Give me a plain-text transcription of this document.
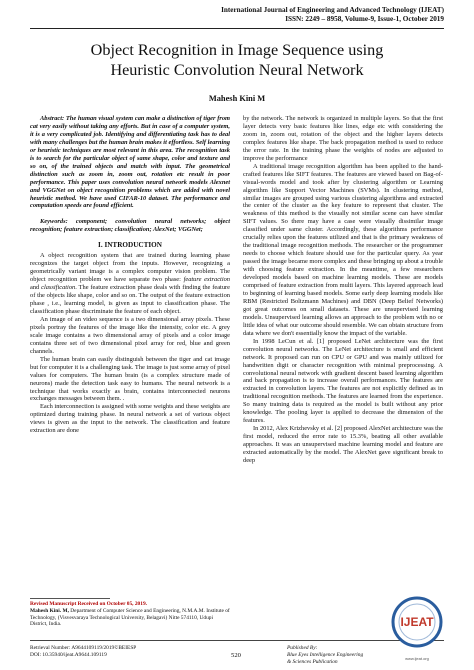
International Journal of Engineering and Advanced Technology (IJEAT)
ISSN: 2249 – 8958, Volume-9, Issue-1, October 2019
Object Recognition in Image Sequence using
Heuristic Convolution Neural Network
Mahesh Kini M

Abstract: The human visual system can make a distinction of tiger from cat very easily without taking any efforts. But in case of a computer system, it is a very complicated job. Identifying and differentiating task has to deal with many challenges but the human brain makes it effortless. Self learning or heuristic techniques are most relevant in this area. The recognition task is to search for the particular object of same shape, color and texture and so on, of the trained objects and match with input. The geometrical distinction such as zoom in, zoom out, rotation etc result in poor performance. This paper uses convolution neural network models Alexnet and VGGNet on object recognition problems which are added with novel heuristic method. We have used CIFAR-10 dataset. The performance and computation speeds are found efficient.

Keywords: component; convolution neural networks; object recognition; feature extraction; classification; AlexNet; VGGNet;

I. INTRODUCTION

A object recognition system that are trained during learning phase recognizes the target object from the inputs. However, recognizing a geometrically variant image is a complex computer vision problem. The object recognition problem we have separate two phase: feature extraction and classification. The feature extraction phase deals with finding the feature of the objects like shape, color and so on. The output of the feature extraction phase , i.e., learning model, is given as input to classification phase. The classification phase discriminate the feature of each object.

An image of an video sequence is a two dimensional array pixels. These pixels portray the features of the image like the intensity, color etc. A grey scale image contains a two dimensional array of pixels and a color image contains three set of two dimensional pixel array for red, blue and green channels.

The human brain can easily distinguish between the tiger and cat image but for computer it is a challenging task. The image is just some array of pixel values for computers. The human brain (is a complex structure made of neurons) made the detection task easy to humans. The neural network is a technique that works exactly as brain, contains interconnected neurons exchanges messages between them. .

Each interconnection is assigned with some weights and these weights are optimized during training phase. In neural network a set of various object views is given as the input to the network. The classification and feature extraction are done

by the network. The network is organized in multiple layers. So that the first layer detects very basic features like lines, edge etc with considering the zoom in, zoom out, rotation of the object and the higher layers detects complex features like shape. The back propagation method is used to reduce the error rate. In the training phase the weights of nodes are adjusted to improve the performance

A traditional image recognition algorithm has been applied to the hand-crafted features like SIFT features. The features are viewed based on Bag-of-visual-words model and took after by clustering algorithm or Learning algorithm like Support Vector Machines (SVMs). In clustering method, similar images are grouped using various clustering algorithms and extracted the center of the cluster as the key feature to represent that cluster. The weakness of this method is the visually not similar scene can have similar SIFT values. So there may have a case were visually dissimilar image classified under same cluster. Accordingly, these algorithms performance crucially relies upon the features utilized and that is the primary weakness of the traditional image recognition methods. The researcher or the programmer needs to choose which feature should use for the particular query. As year passed the image became more complex and these bringing up about a trouble with choosing feature extraction. In the meantime, a few researchers developed models based on machine learning models. These are models comprised of feature extraction from multi layers. This layered approach lead to beginning of learning based models. Some early deep learning models like RBM (Restricted Boltzmann Machines) and DBN (Deep Belief Networks) got great outcomes on small datasets. These are unsupervised learning models. Unsupervised learning allows an approach to the problem with no or little idea of what our outcome should resemble. We can obtain structure from data where we don't essentially know the impact of the variable.

In 1998 LeCun et al. [1] proposed LeNet architecture was the first convolution neural networks. The LeNet architecture is small and efficient network. It proposed can run on CPU or GPU and was mainly utilized for handwritten digit or character recognition with minimal preprocessing. A convolutional neural network with gradient descent based learning algorithm and back propagation is to increase overall performances. The features are extracted in convolution layers. The features are not explicitly defined as in traditional recognition methods. The features are learned from the experience. So many training data is required as the model is built without any prior knowledge. The pooling layer is applied to decrease the dimension of the features.

In 2012, Alex Krizhevsky et al. [2] proposed AlexNet architecture was the first model, reduced the error rate to 15.3%, beating all other available approaches. It was an unsupervised machine learning model and feature are extracted automatically by the model. The AlexNet gave significant break to deep

Revised Manuscript Received on October 05, 2019.

Mahesh Kini. M, Department of Computer Science and Engineering, N.M.A.M. Institute of Technology, (Visvesvaraya Technological University, Belagavi) Nitte 574110, Udupi District, India.

Retrieval Number: A9644109119/2019©BEIESP
DOI: 10.35940/ijeat.A9644.109119	520
Published By:
Blue Eyes Intelligence Engineering
& Sciences Publication
IJEAT
www.ijeat.org
